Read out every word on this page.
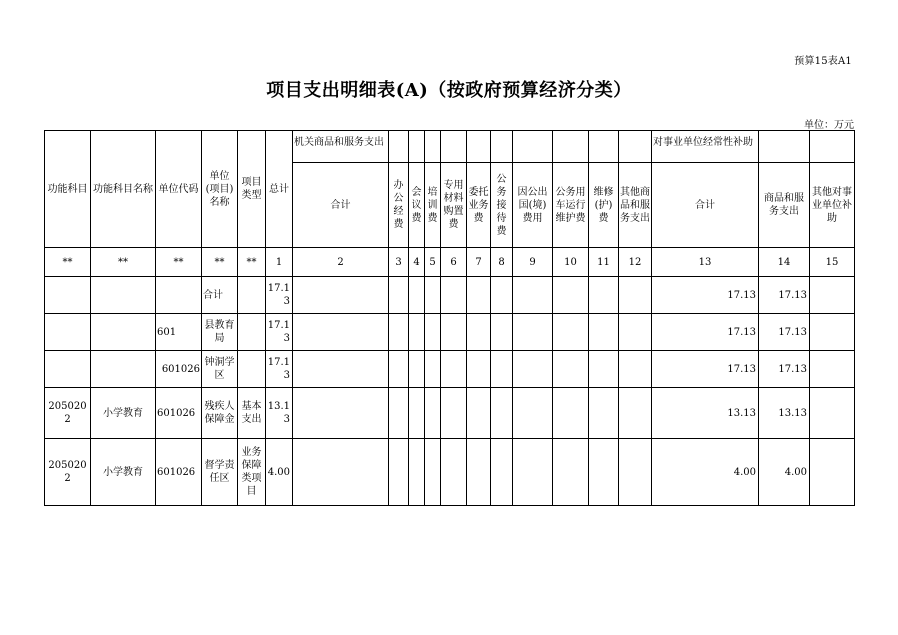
预算15表A1
项目支出明细表(A)（按政府预算经济分类）
单位：万元
功能科目	功能科目名称	单位代码	单位(项目)名称	项目类型	总计	机关商品和服务支出											对事业单位经常性补助		
						合计	办公经费	会议费	培训费	专用材料购置费	委托业务费	公务接待费	因公出国(境)费用	公务用车运行维护费	维修(护)费	其他商品和服务支出	合计	商品和服务支出	其他对事业单位补助
**	**	**	**	**	1	2	3	4	5	6	7	8	9	10	11	12	13	14	15
			合计		17.13												17.13	17.13	
		601	县教育局		17.13												17.13	17.13	
		601026	钟洞学区		17.13												17.13	17.13	
2050202	小学教育	601026	残疾人保障金	基本支出	13.13												13.13	13.13	
2050202	小学教育	601026	督学责任区	业务保障类项目	4.00												4.00	4.00	
